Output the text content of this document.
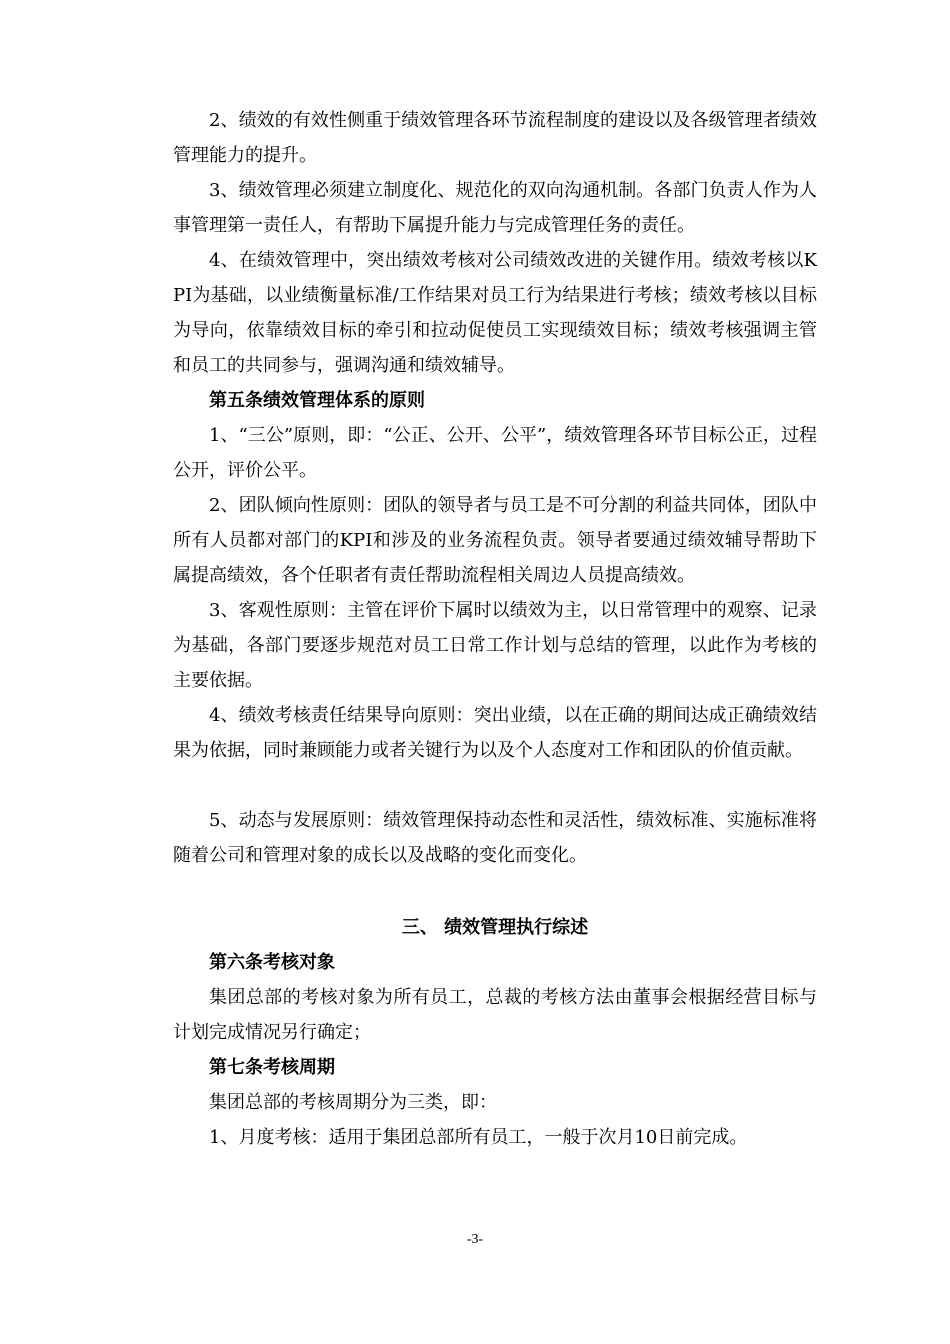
2、绩效的有效性侧重于绩效管理各环节流程制度的建设以及各级管理者绩效管理能力的提升。
3、绩效管理必须建立制度化、规范化的双向沟通机制。各部门负责人作为人事管理第一责任人，有帮助下属提升能力与完成管理任务的责任。
4、在绩效管理中，突出绩效考核对公司绩效改进的关键作用。绩效考核以KPI为基础，以业绩衡量标准/工作结果对员工行为结果进行考核；绩效考核以目标为导向，依靠绩效目标的牵引和拉动促使员工实现绩效目标；绩效考核强调主管和员工的共同参与，强调沟通和绩效辅导。
第五条绩效管理体系的原则
1、“三公”原则，即：“公正、公开、公平”，绩效管理各环节目标公正，过程公开，评价公平。
2、团队倾向性原则：团队的领导者与员工是不可分割的利益共同体，团队中所有人员都对部门的KPI和涉及的业务流程负责。领导者要通过绩效辅导帮助下属提高绩效，各个任职者有责任帮助流程相关周边人员提高绩效。
3、客观性原则：主管在评价下属时以绩效为主，以日常管理中的观察、记录为基础，各部门要逐步规范对员工日常工作计划与总结的管理，以此作为考核的主要依据。
4、绩效考核责任结果导向原则：突出业绩，以在正确的期间达成正确绩效结果为依据，同时兼顾能力或者关键行为以及个人态度对工作和团队的价值贡献。
5、动态与发展原则：绩效管理保持动态性和灵活性，绩效标准、实施标准将随着公司和管理对象的成长以及战略的变化而变化。
三、 绩效管理执行综述
第六条考核对象
集团总部的考核对象为所有员工，总裁的考核方法由董事会根据经营目标与计划完成情况另行确定；
第七条考核周期
集团总部的考核周期分为三类，即：
1、月度考核：适用于集团总部所有员工，一般于次月10日前完成。
-3-
